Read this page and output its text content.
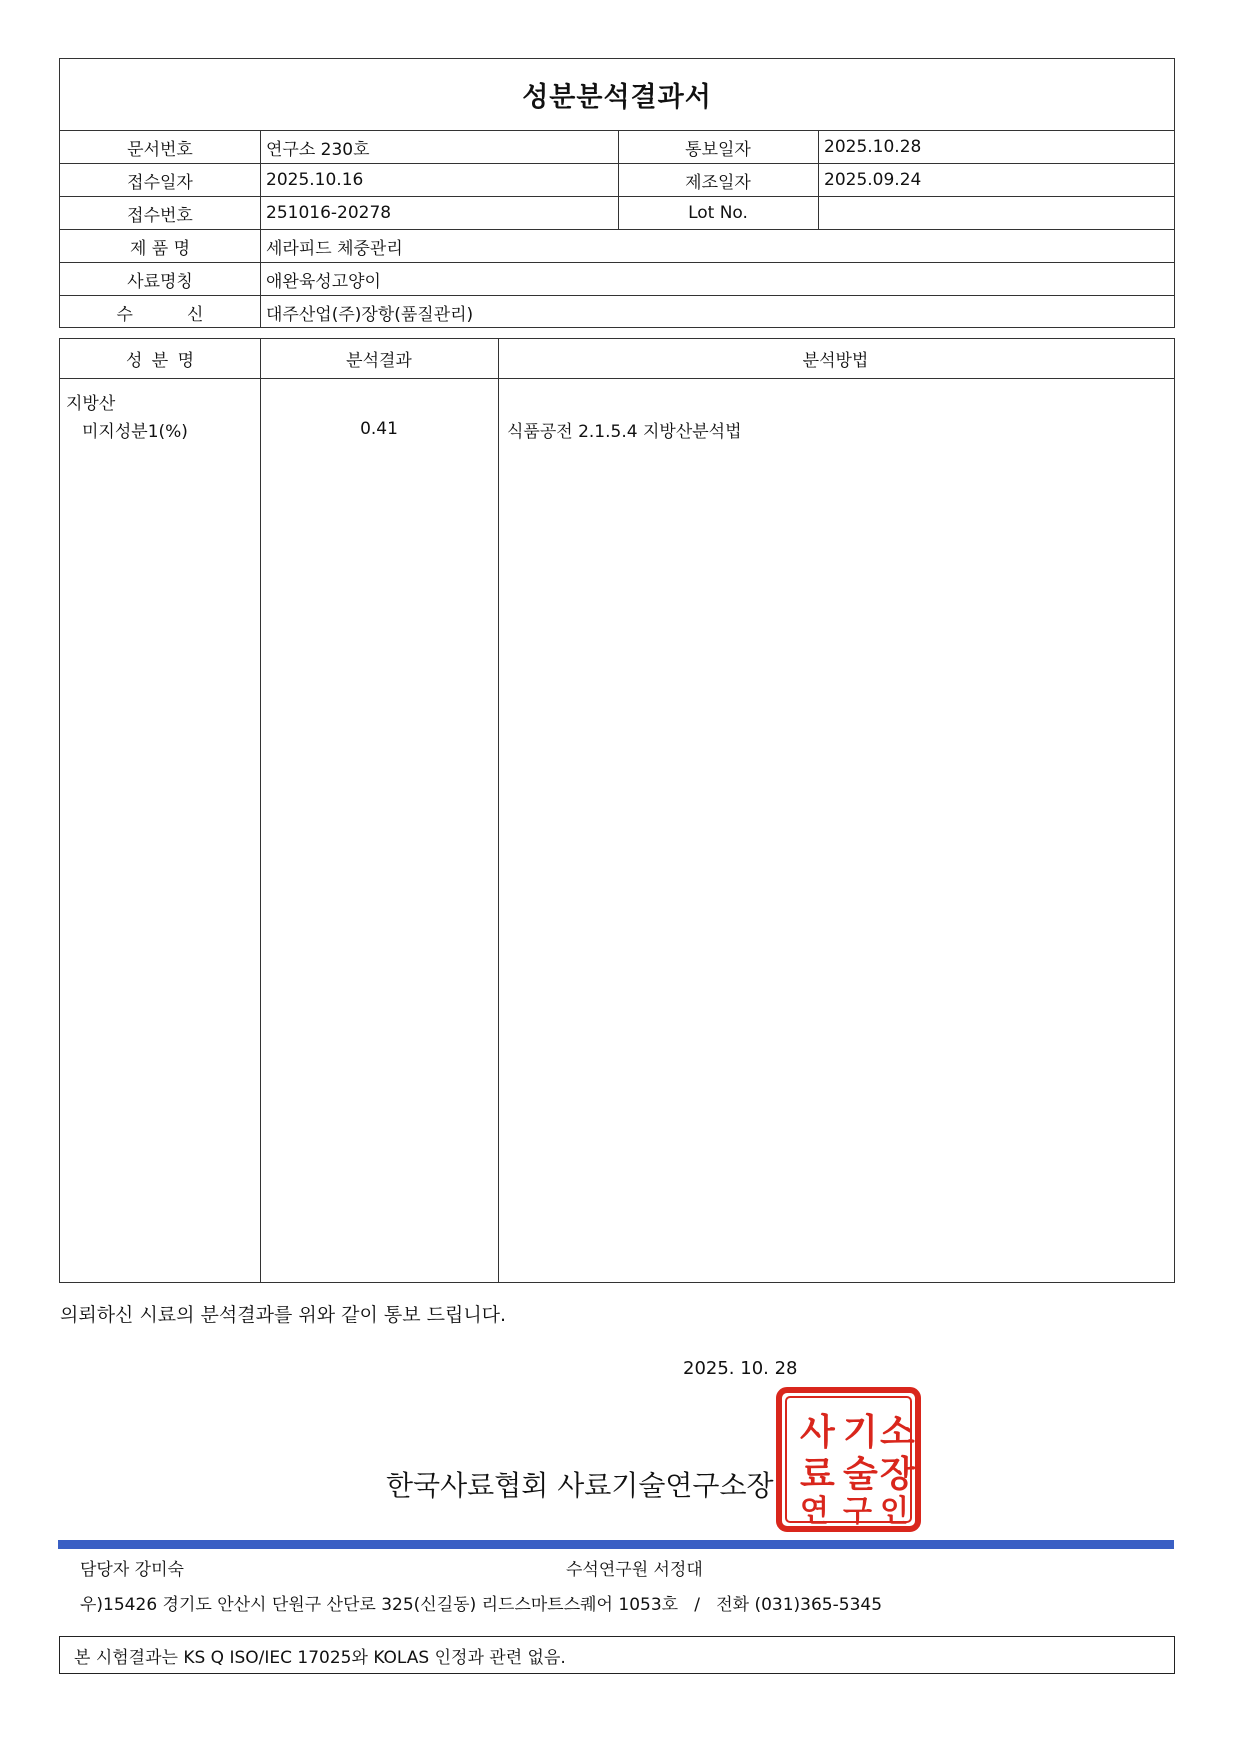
성분분석결과서
문서번호	연구소 230호	통보일자	2025.10.28
접수일자	2025.10.16	제조일자	2025.09.24
접수번호	251016-20278	Lot No.
제 품 명	세라피드 체중관리
사료명칭	애완육성고양이
수          신	대주산업(주)장항(품질관리)
성 분 명	분석결과	분석방법
지방산
미지성분1(%)	0.41	식품공전 2.1.5.4 지방산분석법
의뢰하신 시료의 분석결과를 위와 같이 통보 드립니다.
2025. 10. 28
한국사료협회 사료기술연구소장
사 기 소
료 술 장
연 구 인
담당자 강미숙	수석연구원 서정대
우)15426 경기도 안산시 단원구 산단로 325(신길동) 리드스마트스퀘어 1053호   /   전화 (031)365-5345
본 시험결과는 KS Q ISO/IEC 17025와 KOLAS 인정과 관련 없음.
